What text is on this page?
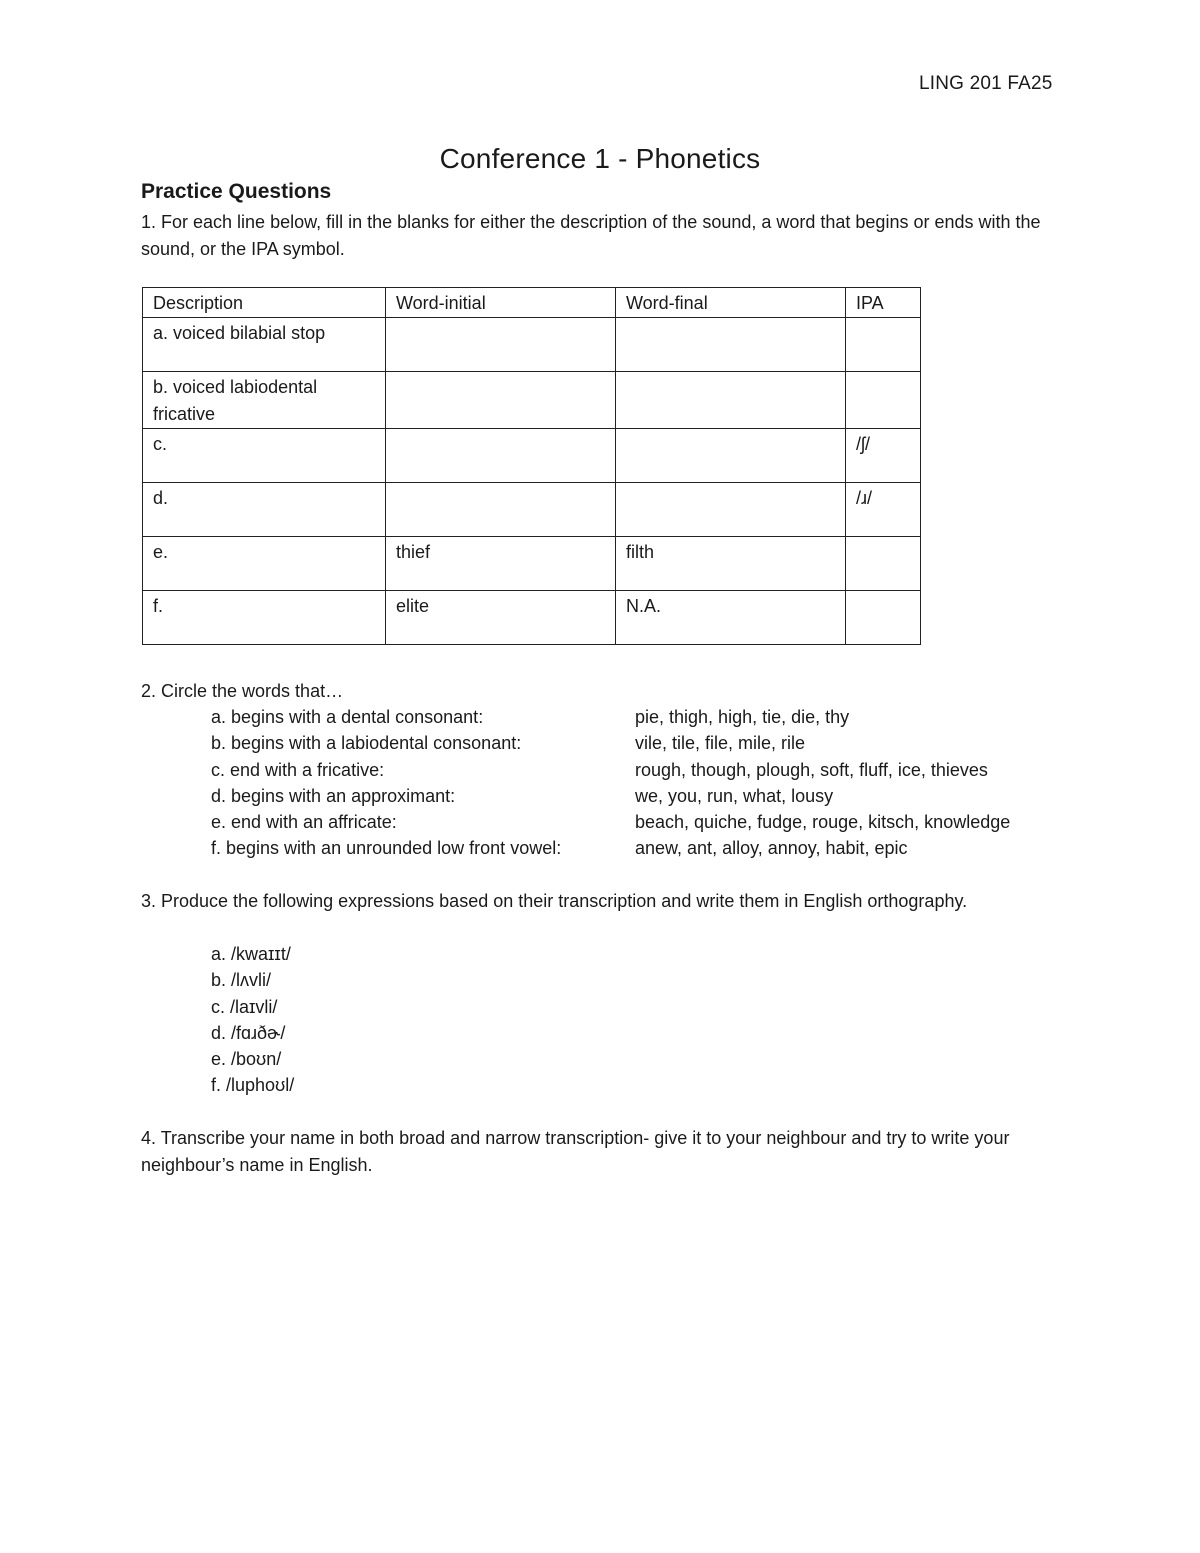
LING 201 FA25
Conference 1 - Phonetics
Practice Questions
1. For each line below, fill in the blanks for either the description of the sound, a word that begins or ends with the sound, or the IPA symbol.
Description	Word-initial	Word-final	IPA
a. voiced bilabial stop			
b. voiced labiodental fricative			
c.			/ʃ/
d.			/ɹ/
e.	thief	filth	
f.	elite	N.A.	
2. Circle the words that…
a. begins with a dental consonant:	pie, thigh, high, tie, die, thy
b. begins with a labiodental consonant:	vile, tile, file, mile, rile
c. end with a fricative:	rough, though, plough, soft, fluff, ice, thieves
d. begins with an approximant:	we, you, run, what, lousy
e. end with an affricate:	beach, quiche, fudge, rouge, kitsch, knowledge
f. begins with an unrounded low front vowel:	anew, ant, alloy, annoy, habit, epic
3. Produce the following expressions based on their transcription and write them in English orthography.
a. /kwaɪɪt/
b. /lʌvli/
c. /laɪvli/
d. /fɑɹðɚ/
e. /boʊn/
f. /luphoʊl/
4. Transcribe your name in both broad and narrow transcription- give it to your neighbour and try to write your neighbour’s name in English.
